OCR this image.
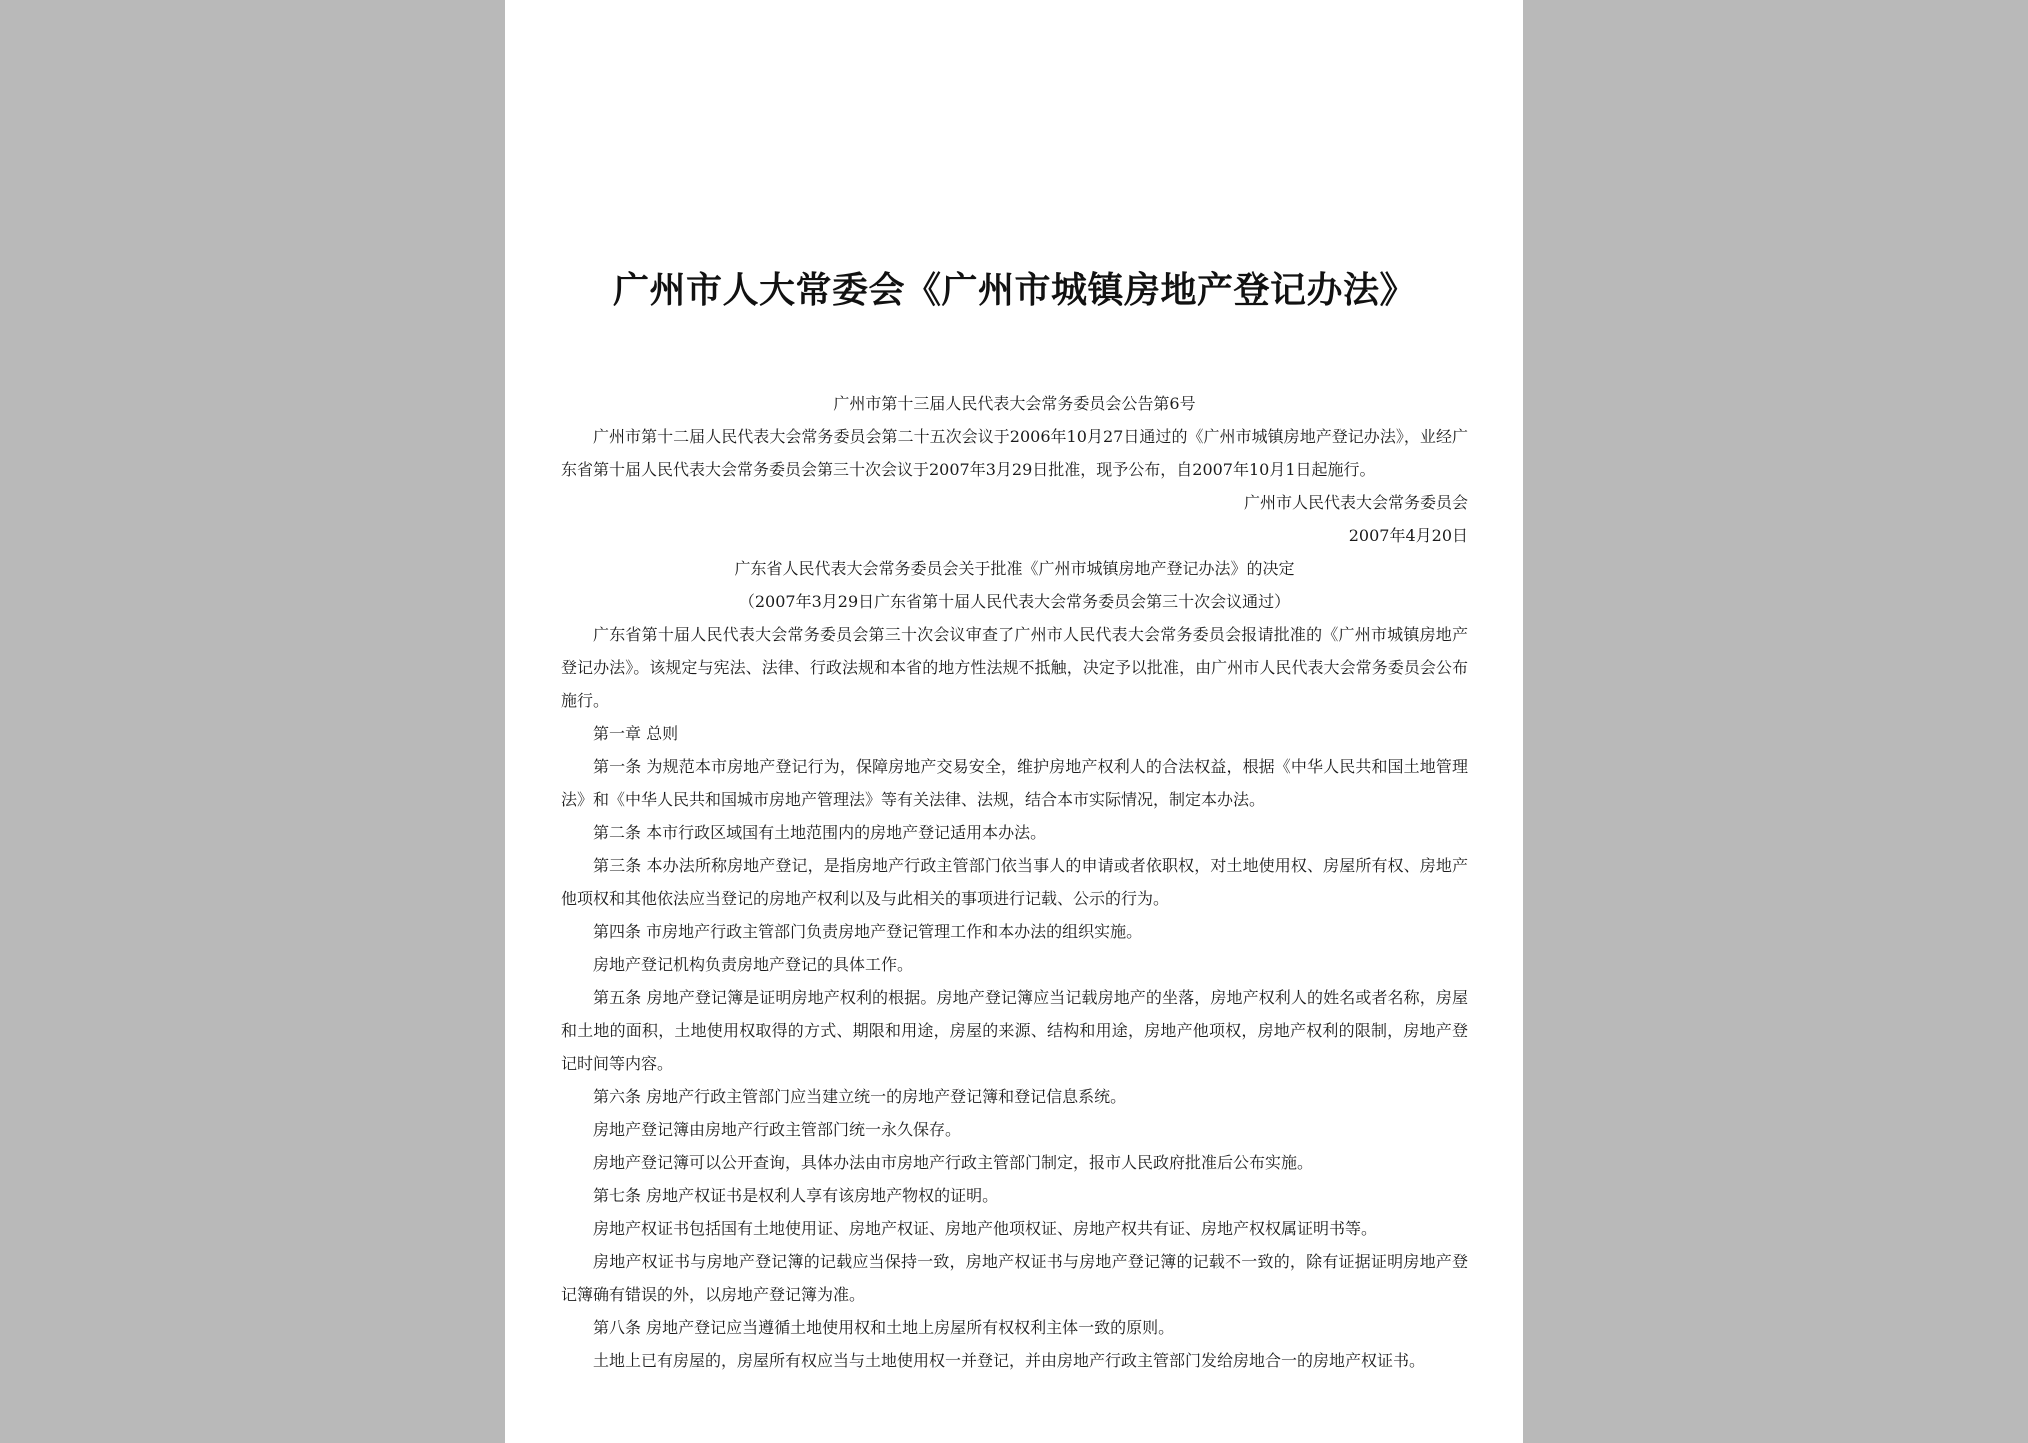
广州市人大常委会《广州市城镇房地产登记办法》

广州市第十三届人民代表大会常务委员会公告第6号

广州市第十二届人民代表大会常务委员会第二十五次会议于2006年10月27日通过的《广州市城镇房地产登记办法》，业经广东省第十届人民代表大会常务委员会第三十次会议于2007年3月29日批准，现予公布，自2007年10月1日起施行。

广州市人民代表大会常务委员会

2007年4月20日

广东省人民代表大会常务委员会关于批准《广州市城镇房地产登记办法》的决定

（2007年3月29日广东省第十届人民代表大会常务委员会第三十次会议通过）

广东省第十届人民代表大会常务委员会第三十次会议审查了广州市人民代表大会常务委员会报请批准的《广州市城镇房地产登记办法》。该规定与宪法、法律、行政法规和本省的地方性法规不抵触，决定予以批准，由广州市人民代表大会常务委员会公布施行。

第一章 总则

第一条 为规范本市房地产登记行为，保障房地产交易安全，维护房地产权利人的合法权益，根据《中华人民共和国土地管理法》和《中华人民共和国城市房地产管理法》等有关法律、法规，结合本市实际情况，制定本办法。

第二条 本市行政区域国有土地范围内的房地产登记适用本办法。

第三条 本办法所称房地产登记，是指房地产行政主管部门依当事人的申请或者依职权，对土地使用权、房屋所有权、房地产他项权和其他依法应当登记的房地产权利以及与此相关的事项进行记载、公示的行为。

第四条 市房地产行政主管部门负责房地产登记管理工作和本办法的组织实施。

房地产登记机构负责房地产登记的具体工作。

第五条 房地产登记簿是证明房地产权利的根据。房地产登记簿应当记载房地产的坐落，房地产权利人的姓名或者名称，房屋和土地的面积，土地使用权取得的方式、期限和用途，房屋的来源、结构和用途，房地产他项权，房地产权利的限制，房地产登记时间等内容。

第六条 房地产行政主管部门应当建立统一的房地产登记簿和登记信息系统。

房地产登记簿由房地产行政主管部门统一永久保存。

房地产登记簿可以公开查询，具体办法由市房地产行政主管部门制定，报市人民政府批准后公布实施。

第七条 房地产权证书是权利人享有该房地产物权的证明。

房地产权证书包括国有土地使用证、房地产权证、房地产他项权证、房地产权共有证、房地产权权属证明书等。

房地产权证书与房地产登记簿的记载应当保持一致，房地产权证书与房地产登记簿的记载不一致的，除有证据证明房地产登记簿确有错误的外，以房地产登记簿为准。

第八条 房地产登记应当遵循土地使用权和土地上房屋所有权权利主体一致的原则。

土地上已有房屋的，房屋所有权应当与土地使用权一并登记，并由房地产行政主管部门发给房地合一的房地产权证书。
